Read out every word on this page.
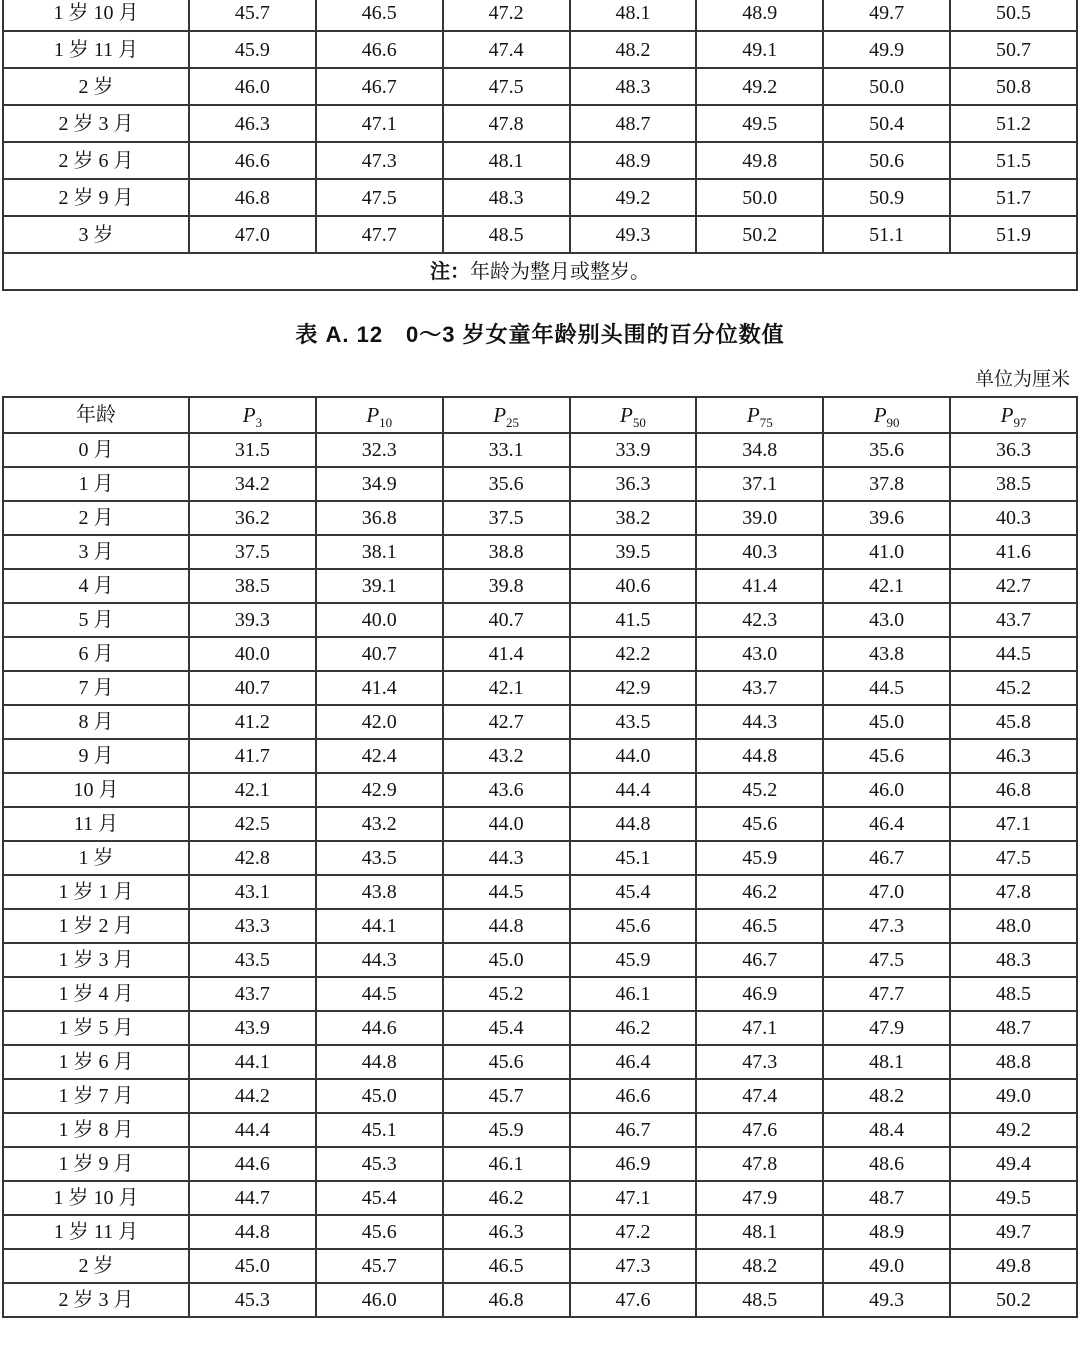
1 岁 10 月	45.7	46.5	47.2	48.1	48.9	49.7	50.5
1 岁 11 月	45.9	46.6	47.4	48.2	49.1	49.9	50.7
2 岁	46.0	46.7	47.5	48.3	49.2	50.0	50.8
2 岁 3 月	46.3	47.1	47.8	48.7	49.5	50.4	51.2
2 岁 6 月	46.6	47.3	48.1	48.9	49.8	50.6	51.5
2 岁 9 月	46.8	47.5	48.3	49.2	50.0	50.9	51.7
3 岁	47.0	47.7	48.5	49.3	50.2	51.1	51.9
注：年龄为整月或整岁。							
表 A. 12　0～3 岁女童年龄别头围的百分位数值
单位为厘米
年龄	$P_3$	$P_{10}$	$P_{25}$	$P_{50}$	$P_{75}$	$P_{90}$	$P_{97}$
0 月	31.5	32.3	33.1	33.9	34.8	35.6	36.3
1 月	34.2	34.9	35.6	36.3	37.1	37.8	38.5
2 月	36.2	36.8	37.5	38.2	39.0	39.6	40.3
3 月	37.5	38.1	38.8	39.5	40.3	41.0	41.6
4 月	38.5	39.1	39.8	40.6	41.4	42.1	42.7
5 月	39.3	40.0	40.7	41.5	42.3	43.0	43.7
6 月	40.0	40.7	41.4	42.2	43.0	43.8	44.5
7 月	40.7	41.4	42.1	42.9	43.7	44.5	45.2
8 月	41.2	42.0	42.7	43.5	44.3	45.0	45.8
9 月	41.7	42.4	43.2	44.0	44.8	45.6	46.3
10 月	42.1	42.9	43.6	44.4	45.2	46.0	46.8
11 月	42.5	43.2	44.0	44.8	45.6	46.4	47.1
1 岁	42.8	43.5	44.3	45.1	45.9	46.7	47.5
1 岁 1 月	43.1	43.8	44.5	45.4	46.2	47.0	47.8
1 岁 2 月	43.3	44.1	44.8	45.6	46.5	47.3	48.0
1 岁 3 月	43.5	44.3	45.0	45.9	46.7	47.5	48.3
1 岁 4 月	43.7	44.5	45.2	46.1	46.9	47.7	48.5
1 岁 5 月	43.9	44.6	45.4	46.2	47.1	47.9	48.7
1 岁 6 月	44.1	44.8	45.6	46.4	47.3	48.1	48.8
1 岁 7 月	44.2	45.0	45.7	46.6	47.4	48.2	49.0
1 岁 8 月	44.4	45.1	45.9	46.7	47.6	48.4	49.2
1 岁 9 月	44.6	45.3	46.1	46.9	47.8	48.6	49.4
1 岁 10 月	44.7	45.4	46.2	47.1	47.9	48.7	49.5
1 岁 11 月	44.8	45.6	46.3	47.2	48.1	48.9	49.7
2 岁	45.0	45.7	46.5	47.3	48.2	49.0	49.8
2 岁 3 月	45.3	46.0	46.8	47.6	48.5	49.3	50.2
